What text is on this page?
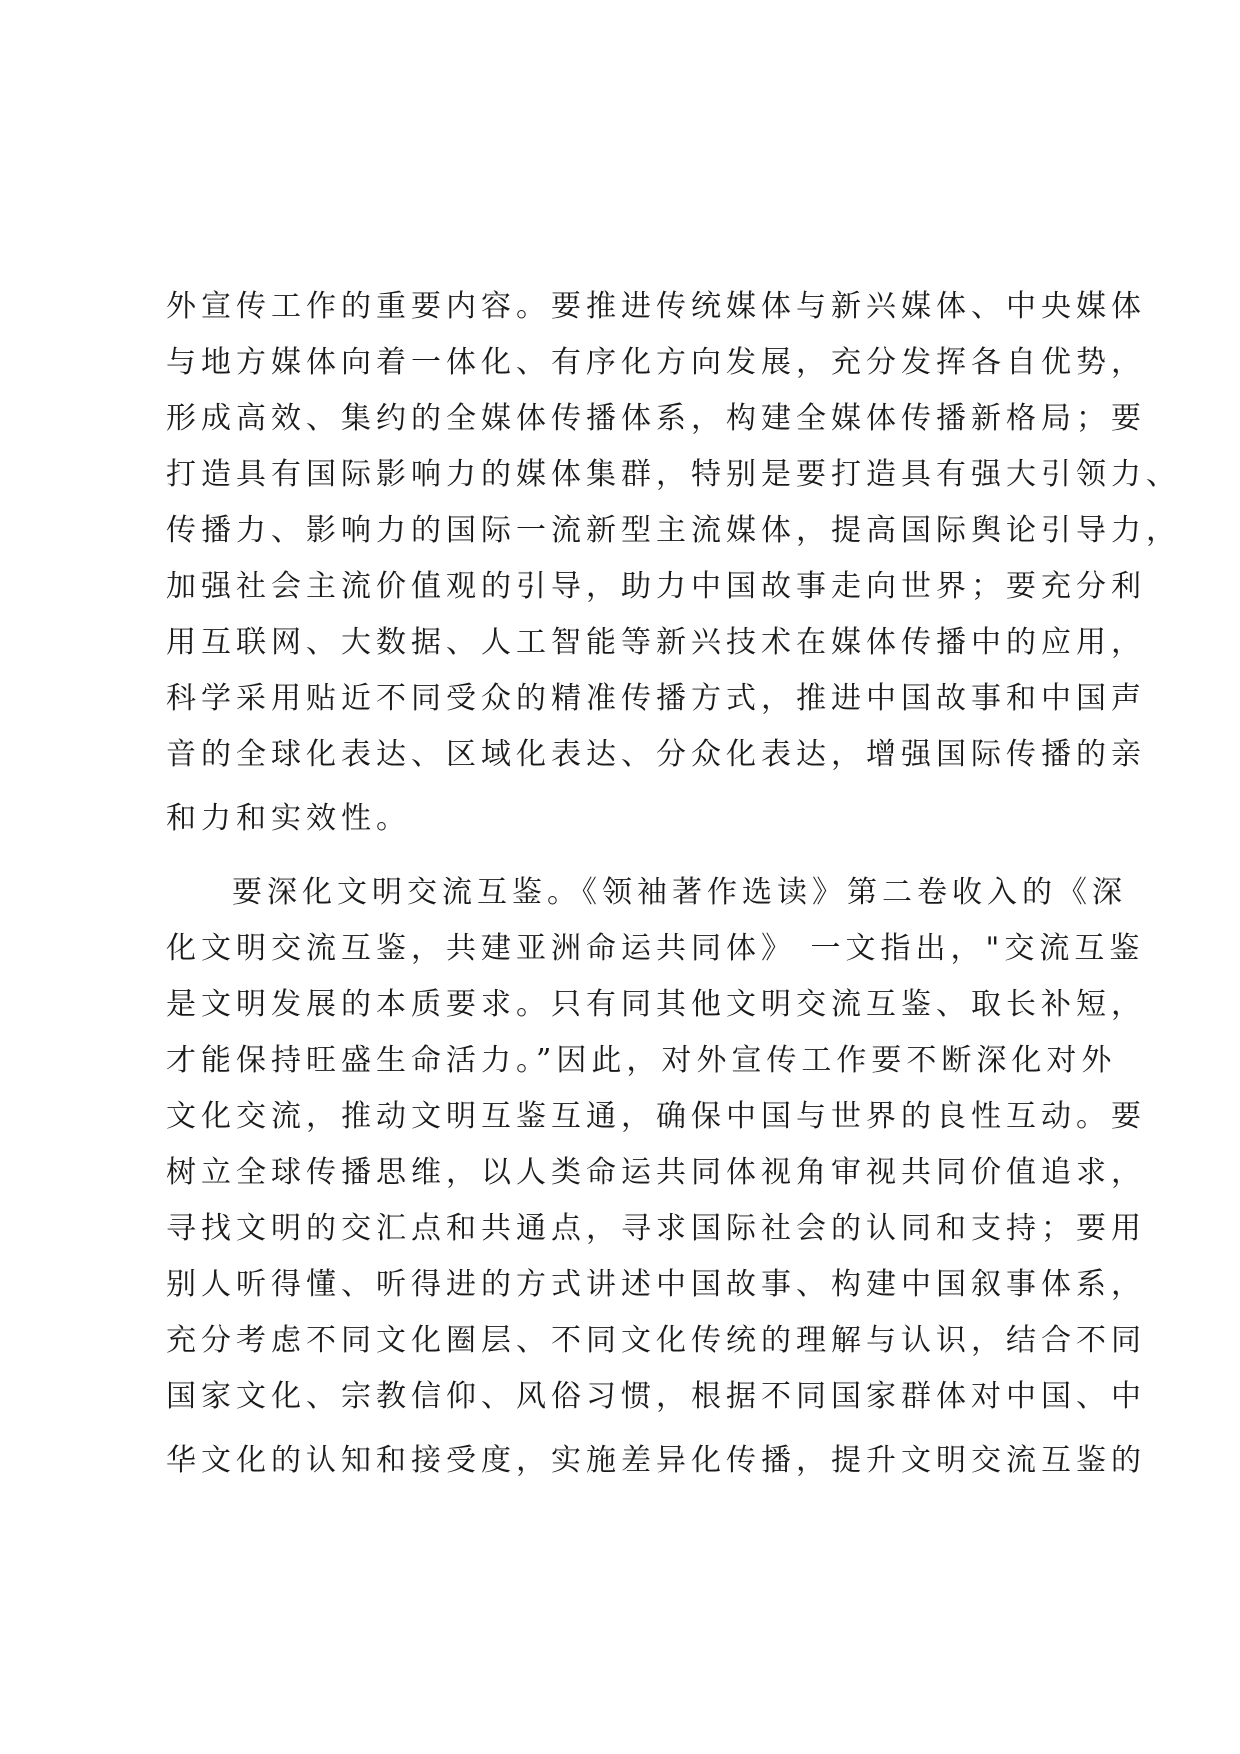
外宣传工作的重要内容。要推进传统媒体与新兴媒体、中央媒体
与地方媒体向着一体化、有序化方向发展，充分发挥各自优势，
形成高效、集约的全媒体传播体系，构建全媒体传播新格局；要
打造具有国际影响力的媒体集群，特别是要打造具有强大引领力、
传播力、影响力的国际一流新型主流媒体，提高国际舆论引导力，
加强社会主流价值观的引导，助力中国故事走向世界；要充分利
用互联网、大数据、人工智能等新兴技术在媒体传播中的应用，
科学采用贴近不同受众的精准传播方式，推进中国故事和中国声
音的全球化表达、区域化表达、分众化表达，增强国际传播的亲
和力和实效性。
要深化文明交流互鉴。《领袖著作选读》第二卷收入的《深
化文明交流互鉴，共建亚洲命运共同体》 一文指出，"交流互鉴
是文明发展的本质要求。只有同其他文明交流互鉴、取长补短，
才能保持旺盛生命活力。”因此，对外宣传工作要不断深化对外
文化交流，推动文明互鉴互通，确保中国与世界的良性互动。要
树立全球传播思维，以人类命运共同体视角审视共同价值追求，
寻找文明的交汇点和共通点，寻求国际社会的认同和支持；要用
别人听得懂、听得进的方式讲述中国故事、构建中国叙事体系，
充分考虑不同文化圈层、不同文化传统的理解与认识，结合不同
国家文化、宗教信仰、风俗习惯，根据不同国家群体对中国、中
华文化的认知和接受度，实施差异化传播，提升文明交流互鉴的
